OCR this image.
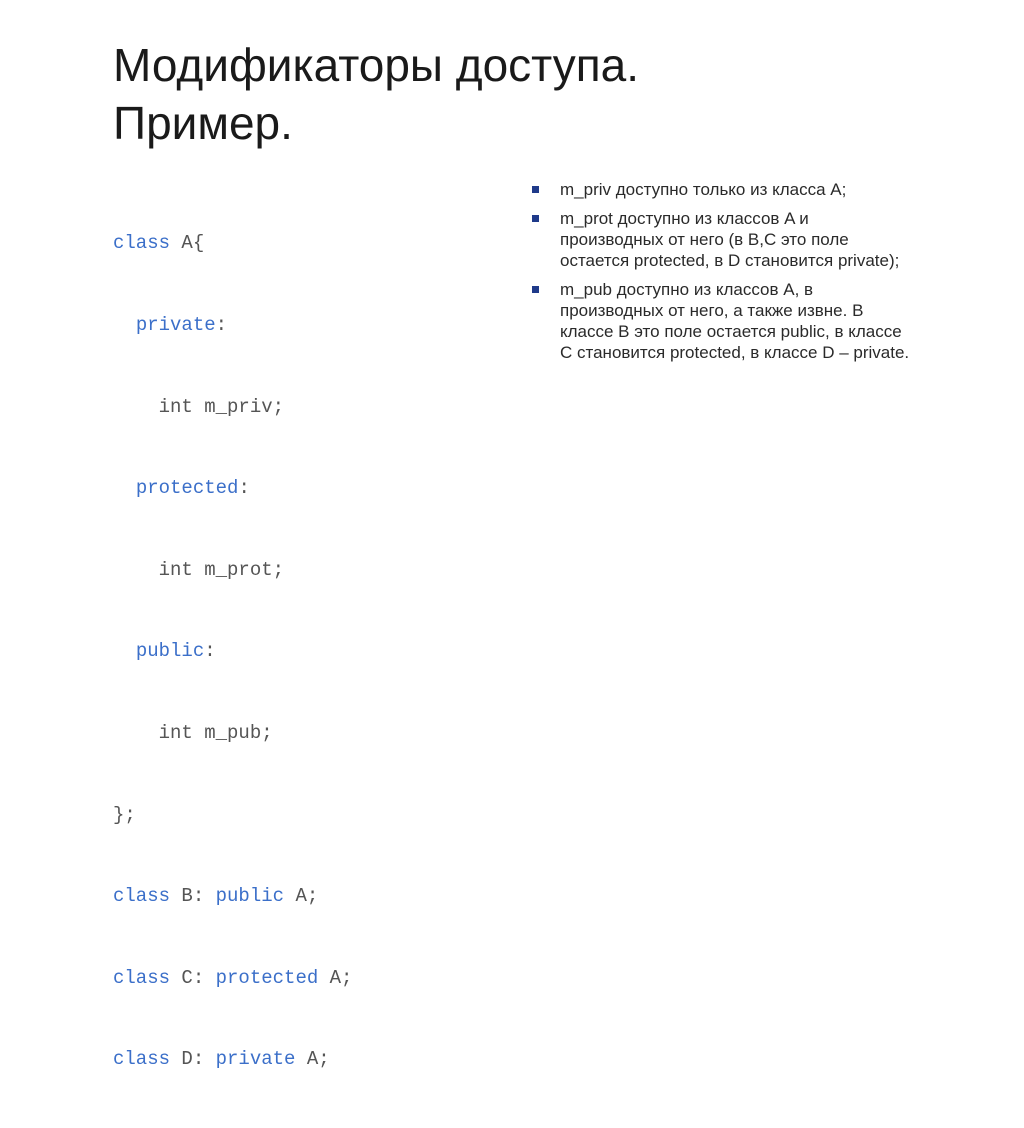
Модификаторы доступа.
Пример.

class A{

private:

int m_priv;

protected:

int m_prot;

public:

int m_pub;

};

class B: public A;

class C: protected A;

class D: private A;

m_priv доступно только из класса A;
m_prot доступно из классов A и производных от него (в B,C это поле остается protected, в D становится private);
m_pub доступно из классов A, в производных от него, а также извне. В классе B это поле остается public, в классе C становится protected, в классе D – private.
